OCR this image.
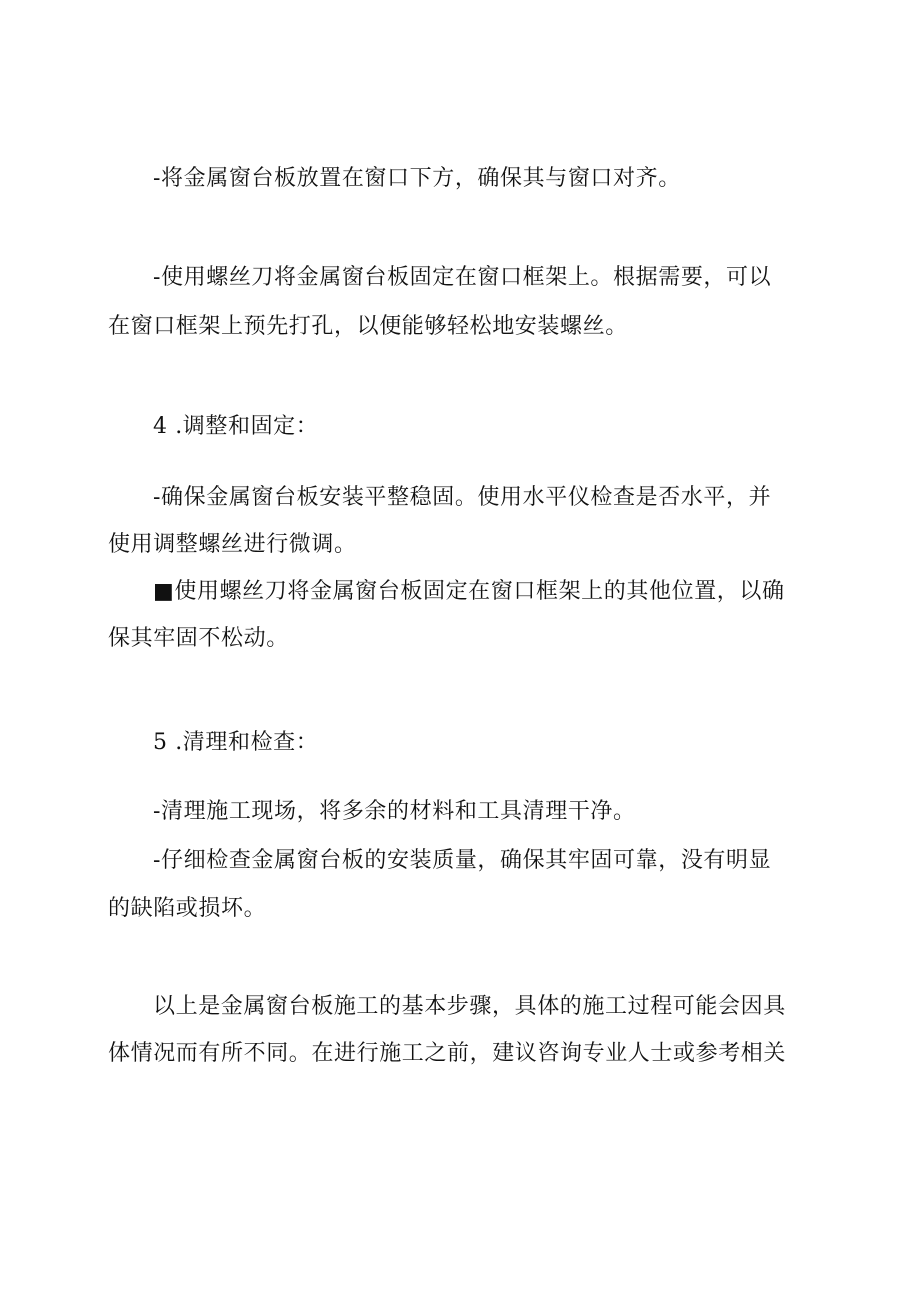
-将金属窗台板放置在窗口下方，确保其与窗口对齐。
-使用螺丝刀将金属窗台板固定在窗口框架上。根据需要，可以
在窗口框架上预先打孔，以便能够轻松地安装螺丝。
4 .调整和固定：
-确保金属窗台板安装平整稳固。使用水平仪检查是否水平，并
使用调整螺丝进行微调。
■使用螺丝刀将金属窗台板固定在窗口框架上的其他位置，以确
保其牢固不松动。
5 .清理和检查：
-清理施工现场，将多余的材料和工具清理干净。
-仔细检查金属窗台板的安装质量，确保其牢固可靠，没有明显
的缺陷或损坏。
以上是金属窗台板施工的基本步骤，具体的施工过程可能会因具
体情况而有所不同。在进行施工之前，建议咨询专业人士或参考相关
